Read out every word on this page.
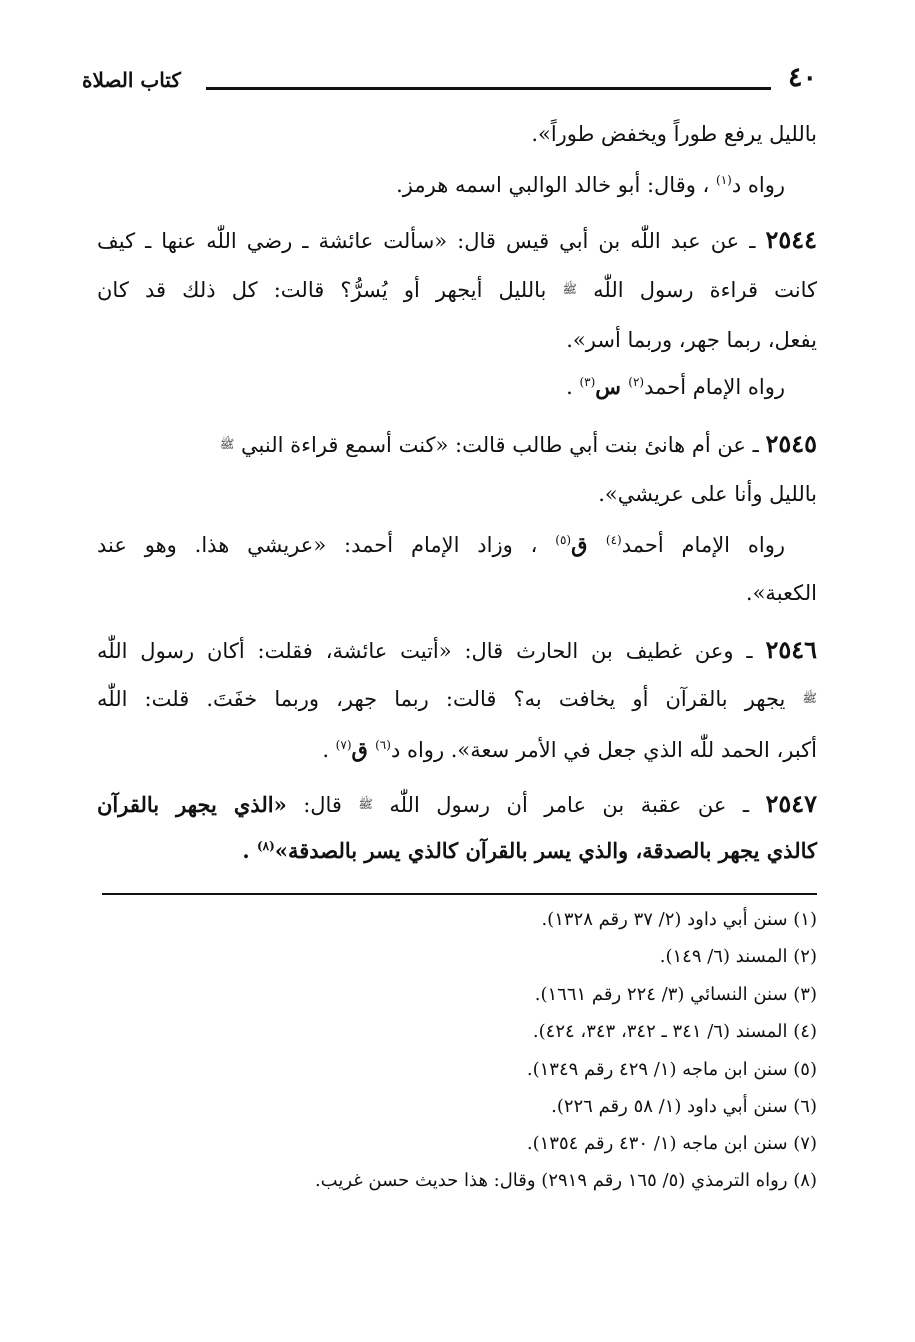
٤٠
كتاب الصلاة
بالليل يرفع طوراً ويخفض طوراً».
رواه د$^{(١)}$ ، وقال: أبو خالد الوالبي اسمه هرمز.
٢٥٤٤ ـ عن عبد اللّٰه بن أبي قيس قال: «سألت عائشة ـ رضي اللّٰه عنها ـ كيف
كانت قراءة رسول اللّٰه ﷺ بالليل أيجهر أو يُسرُّ؟ قالت: كل ذلك قد كان
يفعل، ربما جهر، وربما أسر».
رواه الإمام أحمد$^{(٢)}$ س$^{(٣)}$ .
٢٥٤٥ ـ عن أم هانئ بنت أبي طالب قالت: «كنت أسمع قراءة النبي ﷺ
بالليل وأنا على عريشي».
رواه الإمام أحمد$^{(٤)}$ ق$^{(٥)}$ ، وزاد الإمام أحمد: «عريشي هذا. وهو عند
الكعبة».
٢٥٤٦ ـ وعن غطيف بن الحارث قال: «أتيت عائشة، فقلت: أكان رسول اللّٰه
ﷺ يجهر بالقرآن أو يخافت به؟ قالت: ربما جهر، وربما خفَتَ. قلت: اللّٰه
أكبر، الحمد للّٰه الذي جعل في الأمر سعة». رواه د$^{(٦)}$ ق$^{(٧)}$ .
٢٥٤٧ ـ عن عقبة بن عامر أن رسول اللّٰه ﷺ قال: «الذي يجهر بالقرآن
كالذي يجهر بالصدقة، والذي يسر بالقرآن كالذي يسر بالصدقة»$^{(٨)}$ .
(١) سنن أبي داود (٢/ ٣٧ رقم ١٣٢٨).
(٢) المسند (٦/ ١٤٩).
(٣) سنن النسائي (٣/ ٢٢٤ رقم ١٦٦١).
(٤) المسند (٦/ ٣٤١ ـ ٣٤٢، ٣٤٣، ٤٢٤).
(٥) سنن ابن ماجه (١/ ٤٢٩ رقم ١٣٤٩).
(٦) سنن أبي داود (١/ ٥٨ رقم ٢٢٦).
(٧) سنن ابن ماجه (١/ ٤٣٠ رقم ١٣٥٤).
(٨) رواه الترمذي (٥/ ١٦٥ رقم ٢٩١٩) وقال: هذا حديث حسن غريب.
